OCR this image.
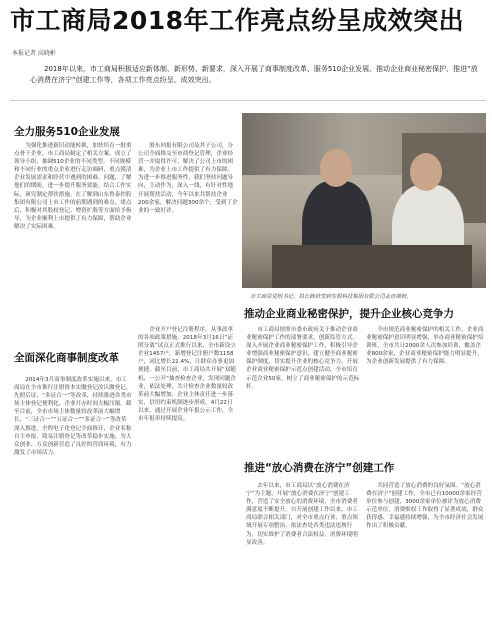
市工商局2018年工作亮点纷呈成效突出
本报记者 高晓彬
2018年以来，市工商局积极适应新体制、新形势、新要求，深入开展了商事制度改革、服务510企业发展、推动企业商业秘密保护、推进“放心消费在济宁”创建工作等，各项工作亮点纷呈、成效突出。
全力服务510企业发展

为强化推进新旧动能转换，加快培育一批重点骨干企业，市工商局制定了相关方案，成立了领导小组，抽调510企业的不同类型、不同规模和不同行业的重点企业进行走访调研，重点摸清企业发展需求和经营中遇到的困难、问题，了解他们的期盼，进一步提升服务效能。结合工作实际，研究制定帮扶措施。在了解到山东鲁泰控股集团有限公司上市工作的前期遇到的难点、堵点后，积极对其股权登记、增资扩股等方面给予指导，为企业顺利上市提供了有力保障，帮助企业解决了实际困难。

股东回报有限公司及其子公司，分公司全面移交至市商登记管理，企业经营一并取得许可，解决了公司上市的困难，为企业上市工作提供了有力保障。为进一步推进服务性，我们坚持问题导向，主动作为，深入一线，有针对性地开展帮扶活动，今年以来共帮扶企业200余家，解决问题300余个，受到了企业的一致好评。

市工商局党组书记、局长韩培堂到东银科技集团有限公司走访调研。
全面深化商事制度改革

2014年3月商事制度改革实施以来，市工商局在全市推行注册资本实缴登记改认缴登记、先照后证、“多证合一”等改革，持续推进各类市场主体登记便利化，企业开办时间大幅压缩。截至目前，全市市场主体数量较改革前大幅增长，“三证合一”“五证合一”“多证合一”等改革深入推进，全程电子化登记全面推开，企业名称自主申报、简易注销登记等改革稳步实施，为大众创业、万众创新营造了良好的营商环境，有力激发了市场活力。

企业开户登记注册程序，从事改革的各项政策措施。2018年3月16日“证照分离”试点正式推行以来，全市新设立企业1457户，新增登记注册户数1158户，同比增长22.4%，让群众办事更加便捷。截至目前，市工商局共开展“双随机、一公开”抽查检查企业，发现问题企业，依法处理，共计检查企业数量较改革前大幅增加，企业主体责任进一步落实，信用约束机制逐步形成。4月22日以来，通过开展企业年报公示工作，全市年报率持续提高。

推动企业商业秘密保护，提升企业核心竞争力

市工商局按照市委市政府关于推动企业商业秘密保护工作的部署要求，创新监管方式，深入开展企业商业秘密保护工作，积极引导企业增强商业秘密保护意识，建立健全商业秘密保护制度，切实提升企业的核心竞争力。开展企业商业秘密保护示范点创建活动，全市培育示范企业50家，树立了商业秘密保护的示范标杆。

全市规范商业秘密保护的相关工作，企业商业秘密保护意识明显增强，举办商业秘密保护培训班，全市共计2000余人次参加培训，覆盖企业800余家，企业商业秘密保护能力明显提升，为企业创新发展提供了有力保障。

推进“放心消费在济宁”创建工作

去年以来，市工商局以“放心消费在济宁”为主题，开展“放心消费在济宁”创建工作，营造了安全放心的消费环境，全市消费者满意度不断提升。自开展创建工作以来，市工商局联合相关部门，对全市重点行业、重点领域开展专项整治，依法查处各类违法违规行为，切实维护了消费者合法权益，消费环境明显改善。

共同营造了放心消费的良好氛围。“放心消费在济宁”创建工作，全市已有10000余家经营单位参与创建，3000余家单位被评为放心消费示范单位，消费维权工作取得了显著成效，群众获得感、幸福感持续增强，为全市经济社会发展作出了积极贡献。
